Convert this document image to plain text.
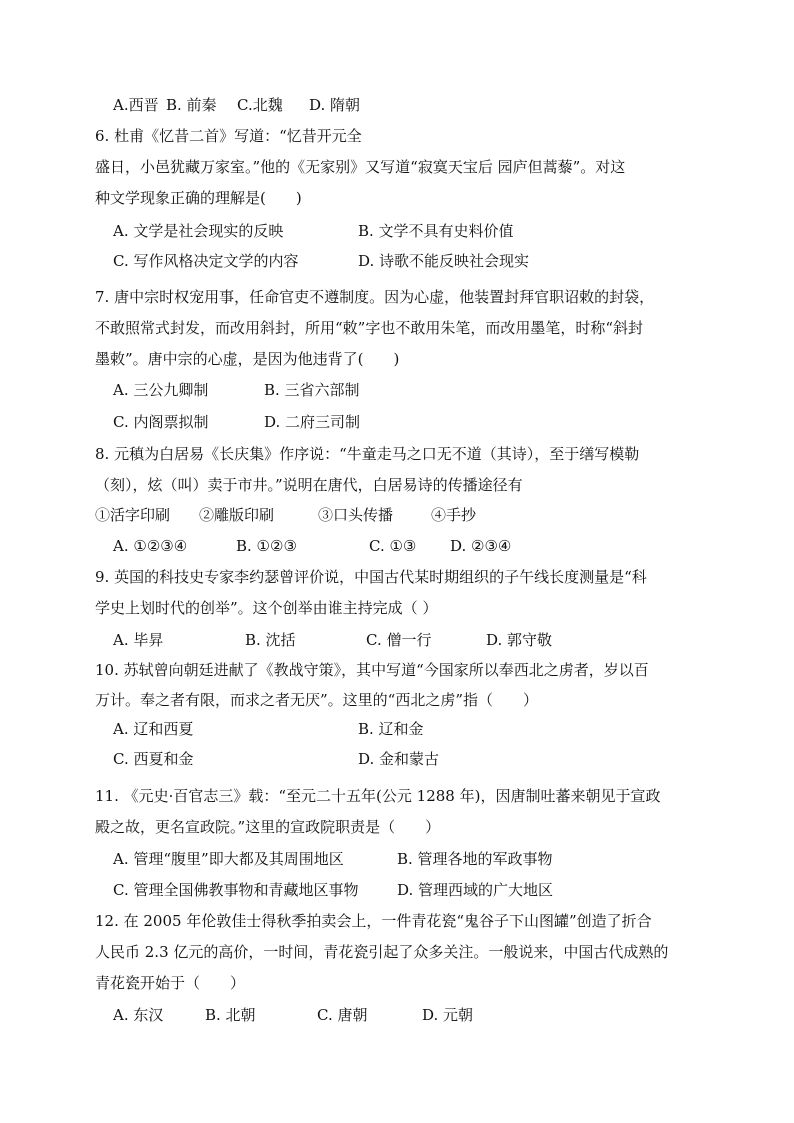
A.西晋 B. 前秦 C.北魏 D. 隋朝
6. 杜甫《忆昔二首》写道：“忆昔开元全
盛日，小邑犹藏万家室。”他的《无家别》又写道“寂寞天宝后 园庐但蒿藜”。对这
种文学现象正确的理解是(　　)
A. 文学是社会现实的反映	B. 文学不具有史料价值
C. 写作风格决定文学的内容	D. 诗歌不能反映社会现实
7. 唐中宗时权宠用事，任命官吏不遵制度。因为心虚，他装置封拜官职诏敕的封袋，
不敢照常式封发，而改用斜封，所用“敕”字也不敢用朱笔，而改用墨笔，时称“斜封
墨敕”。唐中宗的心虚，是因为他违背了(　　)
A. 三公九卿制	B. 三省六部制
C. 内阁票拟制	D. 二府三司制
8. 元稹为白居易《长庆集》作序说：“牛童走马之口无不道（其诗），至于缮写模勒
（刻），炫（叫）卖于市井。”说明在唐代，白居易诗的传播途径有
①活字印刷 ②雕版印刷	③口头传播	④手抄
A. ①②③④	B. ①②③	C. ①③ D. ②③④
9. 英国的科技史专家李约瑟曾评价说，中国古代某时期组织的子午线长度测量是“科
学史上划时代的创举”。这个创举由谁主持完成（ ）
A. 毕昇	B. 沈括	C. 僧一行	D. 郭守敬
10. 苏轼曾向朝廷进献了《教战守策》，其中写道“今国家所以奉西北之虏者，岁以百
万计。奉之者有限，而求之者无厌”。这里的“西北之虏”指（　　）
A. 辽和西夏	B. 辽和金
C. 西夏和金	D. 金和蒙古
11. 《元史·百官志三》载：“至元二十五年(公元 1288 年)，因唐制吐蕃来朝见于宣政
殿之故，更名宣政院。”这里的宣政院职责是（　　）
A. 管理“腹里”即大都及其周围地区	B. 管理各地的军政事物
C. 管理全国佛教事物和青藏地区事物	D. 管理西域的广大地区
12. 在 2005 年伦敦佳士得秋季拍卖会上，一件青花瓷“鬼谷子下山图罐”创造了折合
人民币 2.3 亿元的高价，一时间，青花瓷引起了众多关注。一般说来，中国古代成熟的
青花瓷开始于（　　）
A. 东汉	B. 北朝	C. 唐朝	D. 元朝
